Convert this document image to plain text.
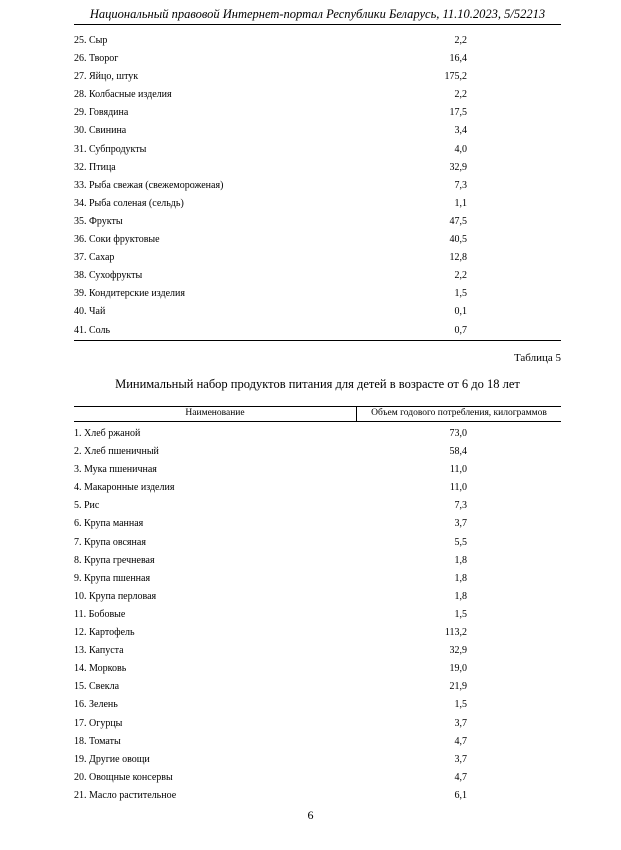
Национальный правовой Интернет-портал Республики Беларусь, 11.10.2023, 5/52213
25. Сыр	2,2
26. Творог	16,4
27. Яйцо, штук	175,2
28. Колбасные изделия	2,2
29. Говядина	17,5
30. Свинина	3,4
31. Субпродукты	4,0
32. Птица	32,9
33. Рыба свежая (свежемороженая)	7,3
34. Рыба соленая (сельдь)	1,1
35. Фрукты	47,5
36. Соки фруктовые	40,5
37. Сахар	12,8
38. Сухофрукты	2,2
39. Кондитерские изделия	1,5
40. Чай	0,1
41. Соль	0,7
Таблица 5
Минимальный набор продуктов питания для детей в возрасте от 6 до 18 лет
Наименование	Объем годового потребления, килограммов
1. Хлеб ржаной	73,0
2. Хлеб пшеничный	58,4
3. Мука пшеничная	11,0
4. Макаронные изделия	11,0
5. Рис	7,3
6. Крупа манная	3,7
7. Крупа овсяная	5,5
8. Крупа гречневая	1,8
9. Крупа пшенная	1,8
10. Крупа перловая	1,8
11. Бобовые	1,5
12. Картофель	113,2
13. Капуста	32,9
14. Морковь	19,0
15. Свекла	21,9
16. Зелень	1,5
17. Огурцы	3,7
18. Томаты	4,7
19. Другие овощи	3,7
20. Овощные консервы	4,7
21. Масло растительное	6,1
6
